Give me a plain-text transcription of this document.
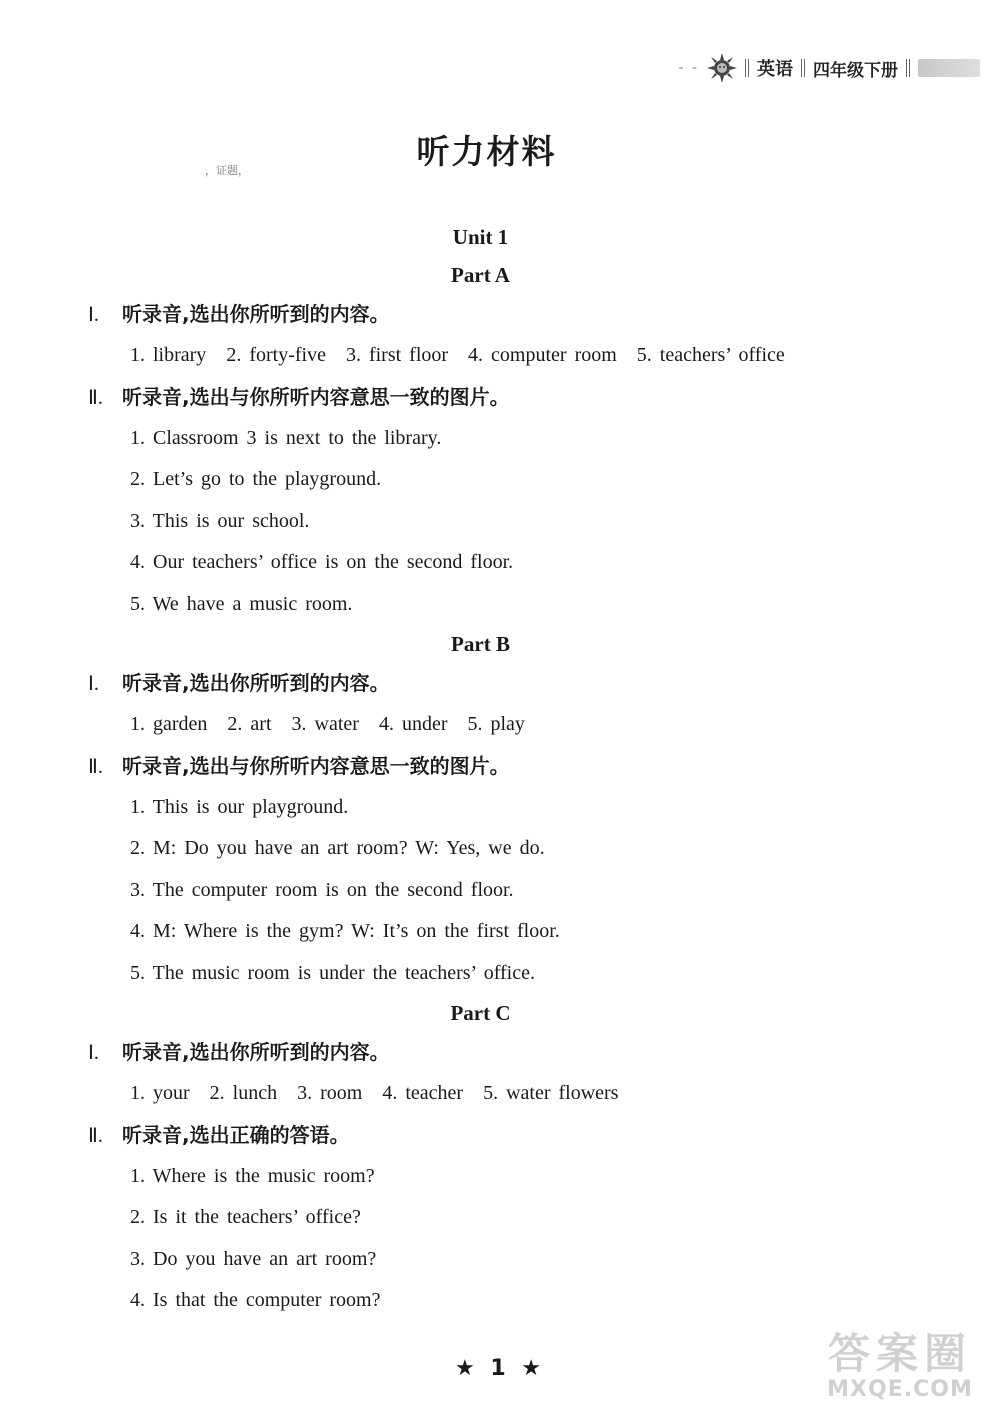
- -	英语 四年级下册
听力材料
，证题，
Unit 1
Part A
Ⅰ. 听录音,选出你所听到的内容。
1. library 2. forty-five 3. first floor 4. computer room 5. teachers’ office
Ⅱ. 听录音,选出与你所听内容意思一致的图片。
1. Classroom 3 is next to the library.
2. Let’s go to the playground.
3. This is our school.
4. Our teachers’ office is on the second floor.
5. We have a music room.
Part B
Ⅰ. 听录音,选出你所听到的内容。
1. garden 2. art 3. water 4. under 5. play
Ⅱ. 听录音,选出与你所听内容意思一致的图片。
1. This is our playground.
2. M: Do you have an art room? W: Yes, we do.
3. The computer room is on the second floor.
4. M: Where is the gym? W: It’s on the first floor.
5. The music room is under the teachers’ office.
Part C
Ⅰ. 听录音,选出你所听到的内容。
1. your 2. lunch 3. room 4. teacher 5. water flowers
Ⅱ. 听录音,选出正确的答语。
1. Where is the music room?
2. Is it the teachers’ office?
3. Do you have an art room?
4. Is that the computer room?
★ 1 ★	答案圈
MXQE.COM
